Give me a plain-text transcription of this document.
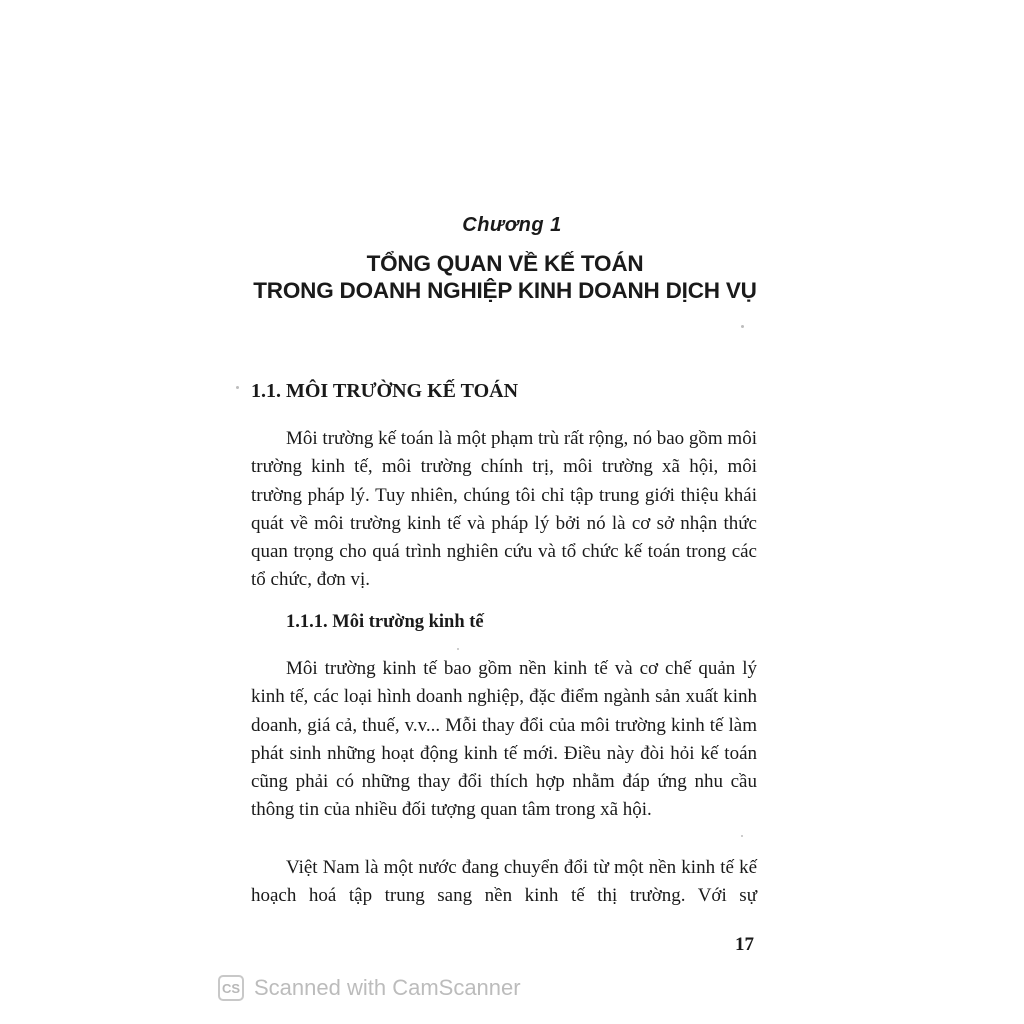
Chương 1
TỔNG QUAN VỀ KẾ TOÁN
TRONG DOANH NGHIỆP KINH DOANH DỊCH VỤ
1.1. MÔI TRƯỜNG KẾ TOÁN
Môi trường kế toán là một phạm trù rất rộng, nó bao gồm môi trường kinh tế, môi trường chính trị, môi trường xã hội, môi trường pháp lý. Tuy nhiên, chúng tôi chỉ tập trung giới thiệu khái quát về môi trường kinh tế và pháp lý bởi nó là cơ sở nhận thức quan trọng cho quá trình nghiên cứu và tổ chức kế toán trong các tổ chức, đơn vị.
1.1.1. Môi trường kinh tế
Môi trường kinh tế bao gồm nền kinh tế và cơ chế quản lý kinh tế, các loại hình doanh nghiệp, đặc điểm ngành sản xuất kinh doanh, giá cả, thuế, v.v... Mỗi thay đổi của môi trường kinh tế làm phát sinh những hoạt động kinh tế mới. Điều này đòi hỏi kế toán cũng phải có những thay đổi thích hợp nhằm đáp ứng nhu cầu thông tin của nhiều đối tượng quan tâm trong xã hội.
Việt Nam là một nước đang chuyển đổi từ một nền kinh tế kế hoạch hoá tập trung sang nền kinh tế thị trường. Với sự
17
CS Scanned with CamScanner
